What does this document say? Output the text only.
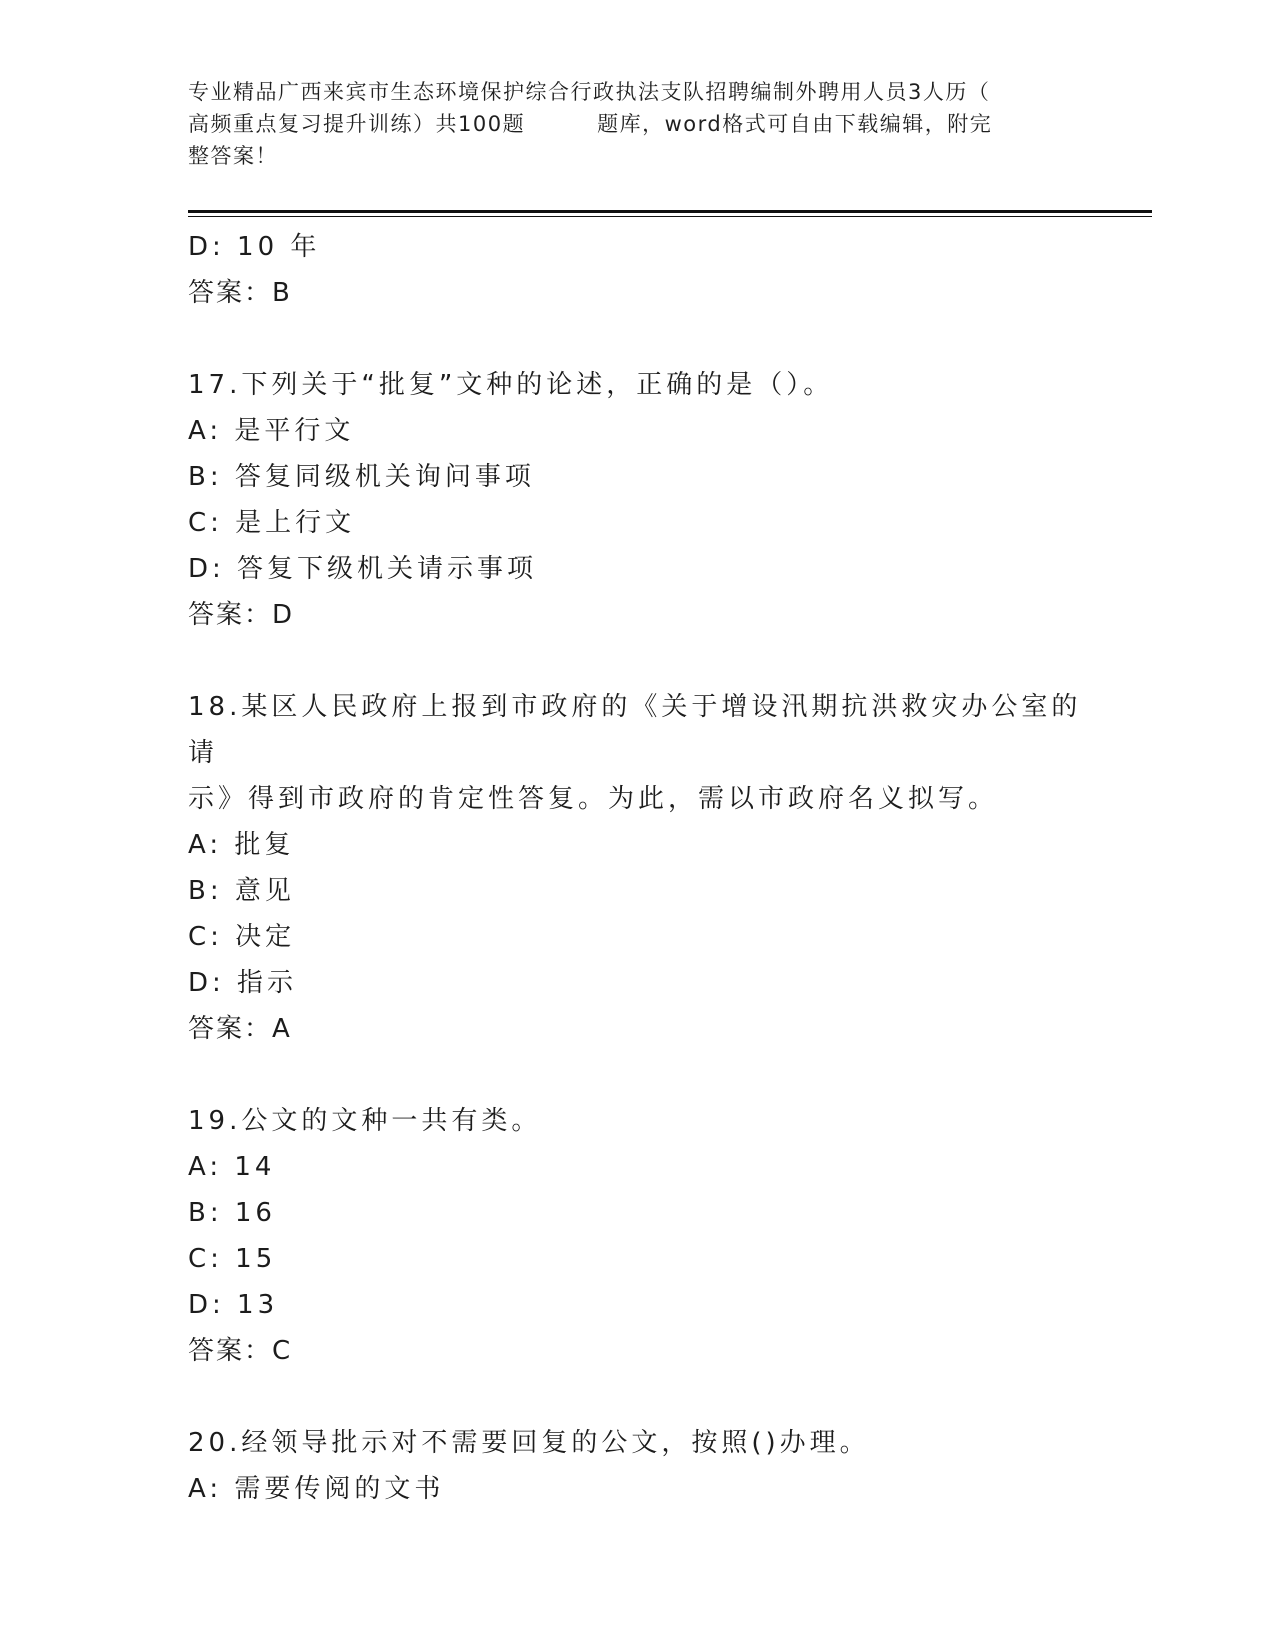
专业精品广西来宾市生态环境保护综合行政执法支队招聘编制外聘用人员3人历（
高频重点复习提升训练）共100题	题库，word格式可自由下载编辑，附完
整答案！
D: 10 年
答案：B
17.下列关于“批复”文种的论述，正确的是（）。
A: 是平行文
B: 答复同级机关询问事项
C: 是上行文
D: 答复下级机关请示事项
答案：D
18.某区人民政府上报到市政府的《关于增设汛期抗洪救灾办公室的请
示》得到市政府的肯定性答复。为此，需以市政府名义拟写。
A: 批复
B: 意见
C: 决定
D: 指示
答案：A
19.公文的文种一共有类。
A: 14
B: 16
C: 15
D: 13
答案：C
20.经领导批示对不需要回复的公文，按照()办理。
A: 需要传阅的文书
